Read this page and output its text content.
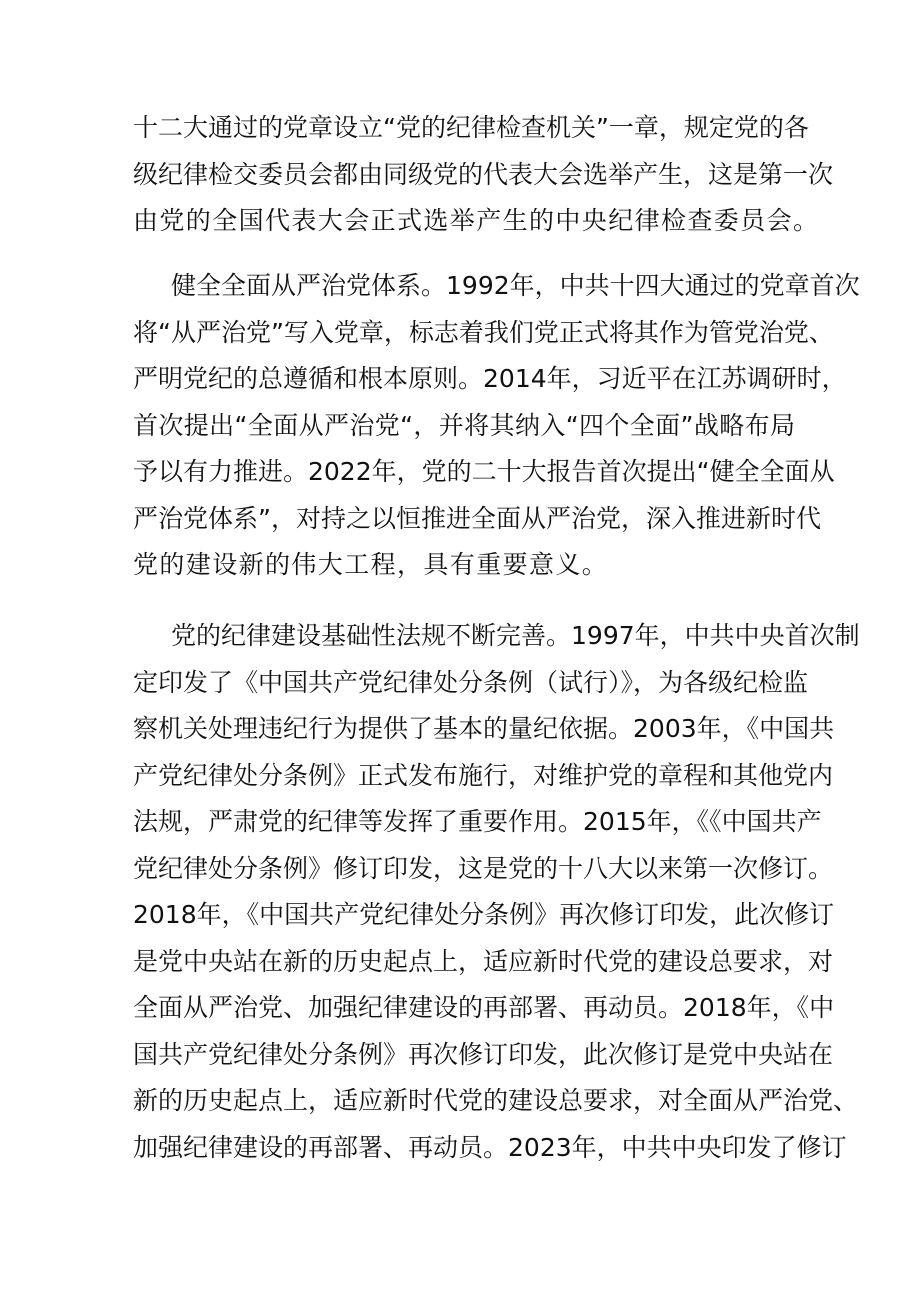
十二大通过的党章设立“党的纪律检查机关”一章，规定党的各
级纪律检交委员会都由同级党的代表大会选举产生，这是第一次
由党的全国代表大会正式选举产生的中央纪律检查委员会。
健全全面从严治党体系。1992年，中共十四大通过的党章首次
将“从严治党”写入党章，标志着我们党正式将其作为管党治党、
严明党纪的总遵循和根本原则。2014年，习近平在江苏调研时，
首次提出“全面从严治党“，并将其纳入“四个全面”战略布局
予以有力推进。2022年，党的二十大报告首次提出“健全全面从
严治党体系”，对持之以恒推进全面从严治党，深入推进新时代
党的建设新的伟大工程，具有重要意义。
党的纪律建设基础性法规不断完善。1997年，中共中央首次制
定印发了《中国共产党纪律处分条例（试行）》，为各级纪检监
察机关处理违纪行为提供了基本的量纪依据。2003年，《中国共
产党纪律处分条例》正式发布施行，对维护党的章程和其他党内
法规，严肃党的纪律等发挥了重要作用。2015年，《《中国共产
党纪律处分条例》修订印发，这是党的十八大以来第一次修订。
2018年，《中国共产党纪律处分条例》再次修订印发，此次修订
是党中央站在新的历史起点上，适应新时代党的建设总要求，对
全面从严治党、加强纪律建设的再部署、再动员。2018年，《中
国共产党纪律处分条例》再次修订印发，此次修订是党中央站在
新的历史起点上，适应新时代党的建设总要求，对全面从严治党、
加强纪律建设的再部署、再动员。2023年，中共中央印发了修订
